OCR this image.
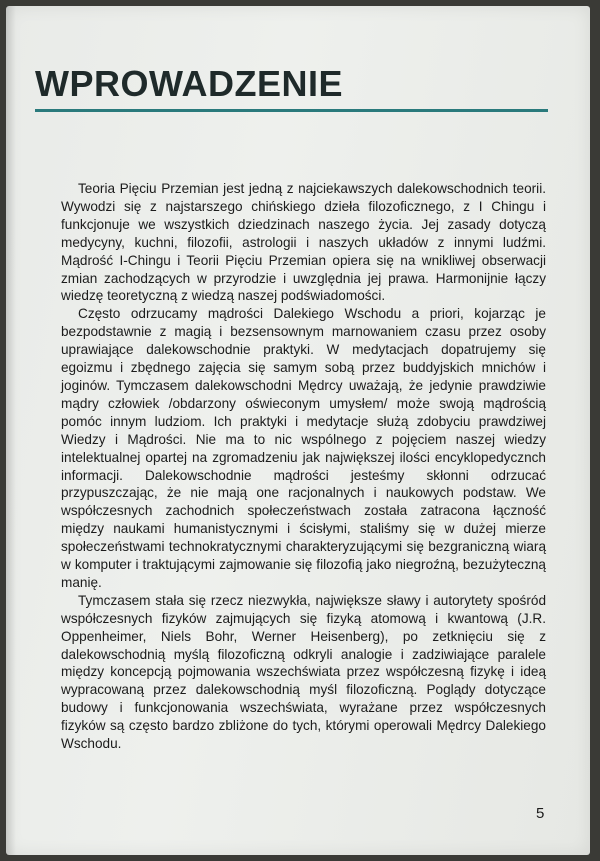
WPROWADZENIE

Teoria Pięciu Przemian jest jedną z najciekawszych dalekowschodnich teorii. Wywodzi się z najstarszego chińskiego dzieła filozoficznego, z I Chingu i funkcjonuje we wszystkich dziedzinach naszego życia. Jej zasady dotyczą medycyny, kuchni, filozofii, astrologii i naszych układów z innymi ludźmi. Mądrość I-Chingu i Teorii Pięciu Przemian opiera się na wnikliwej obserwacji zmian zachodzących w przyrodzie i uwzględnia jej prawa. Harmonijnie łączy wiedzę teoretyczną z wiedzą naszej podświadomości.

Często odrzucamy mądrości Dalekiego Wschodu a priori, kojarząc je bezpodstawnie z magią i bezsensownym marnowaniem czasu przez osoby uprawiające dalekowschodnie praktyki. W medytacjach dopatrujemy się egoizmu i zbędnego zajęcia się samym sobą przez buddyjskich mnichów i joginów. Tymczasem dalekowschodni Mędrcy uważają, że jedynie prawdziwie mądry człowiek /obdarzony oświeconym umysłem/ może swoją mądrością pomóc innym ludziom. Ich praktyki i medytacje służą zdobyciu prawdziwej Wiedzy i Mądrości. Nie ma to nic wspólnego z pojęciem naszej wiedzy intelektualnej opartej na zgromadzeniu jak największej ilości encyklopedycznch informacji. Dalekowschodnie mądrości jesteśmy skłonni odrzucać przypuszczając, że nie mają one racjonalnych i naukowych podstaw. We współczesnych zachodnich społeczeństwach została zatracona łączność między naukami humanistycznymi i ścisłymi, staliśmy się w dużej mierze społeczeństwami technokratycznymi charakteryzującymi się bezgraniczną wiarą w komputer i traktującymi zajmowanie się filozofią jako niegroźną, bezużyteczną manię.

Tymczasem stała się rzecz niezwykła, największe sławy i autorytety spośród współczesnych fizyków zajmujących się fizyką atomową i kwantową (J.R. Oppenheimer, Niels Bohr, Werner Heisenberg), po zetknięciu się z dalekowschodnią myślą filozoficzną odkryli analogie i zadziwiające paralele między koncepcją pojmowania wszechświata przez współczesną fizykę i ideą wypracowaną przez dalekowschodnią myśl filozoficzną. Poglądy dotyczące budowy i funkcjonowania wszechświata, wyrażane przez współczesnych fizyków są często bardzo zbliżone do tych, którymi operowali Mędrcy Dalekiego Wschodu.

5
